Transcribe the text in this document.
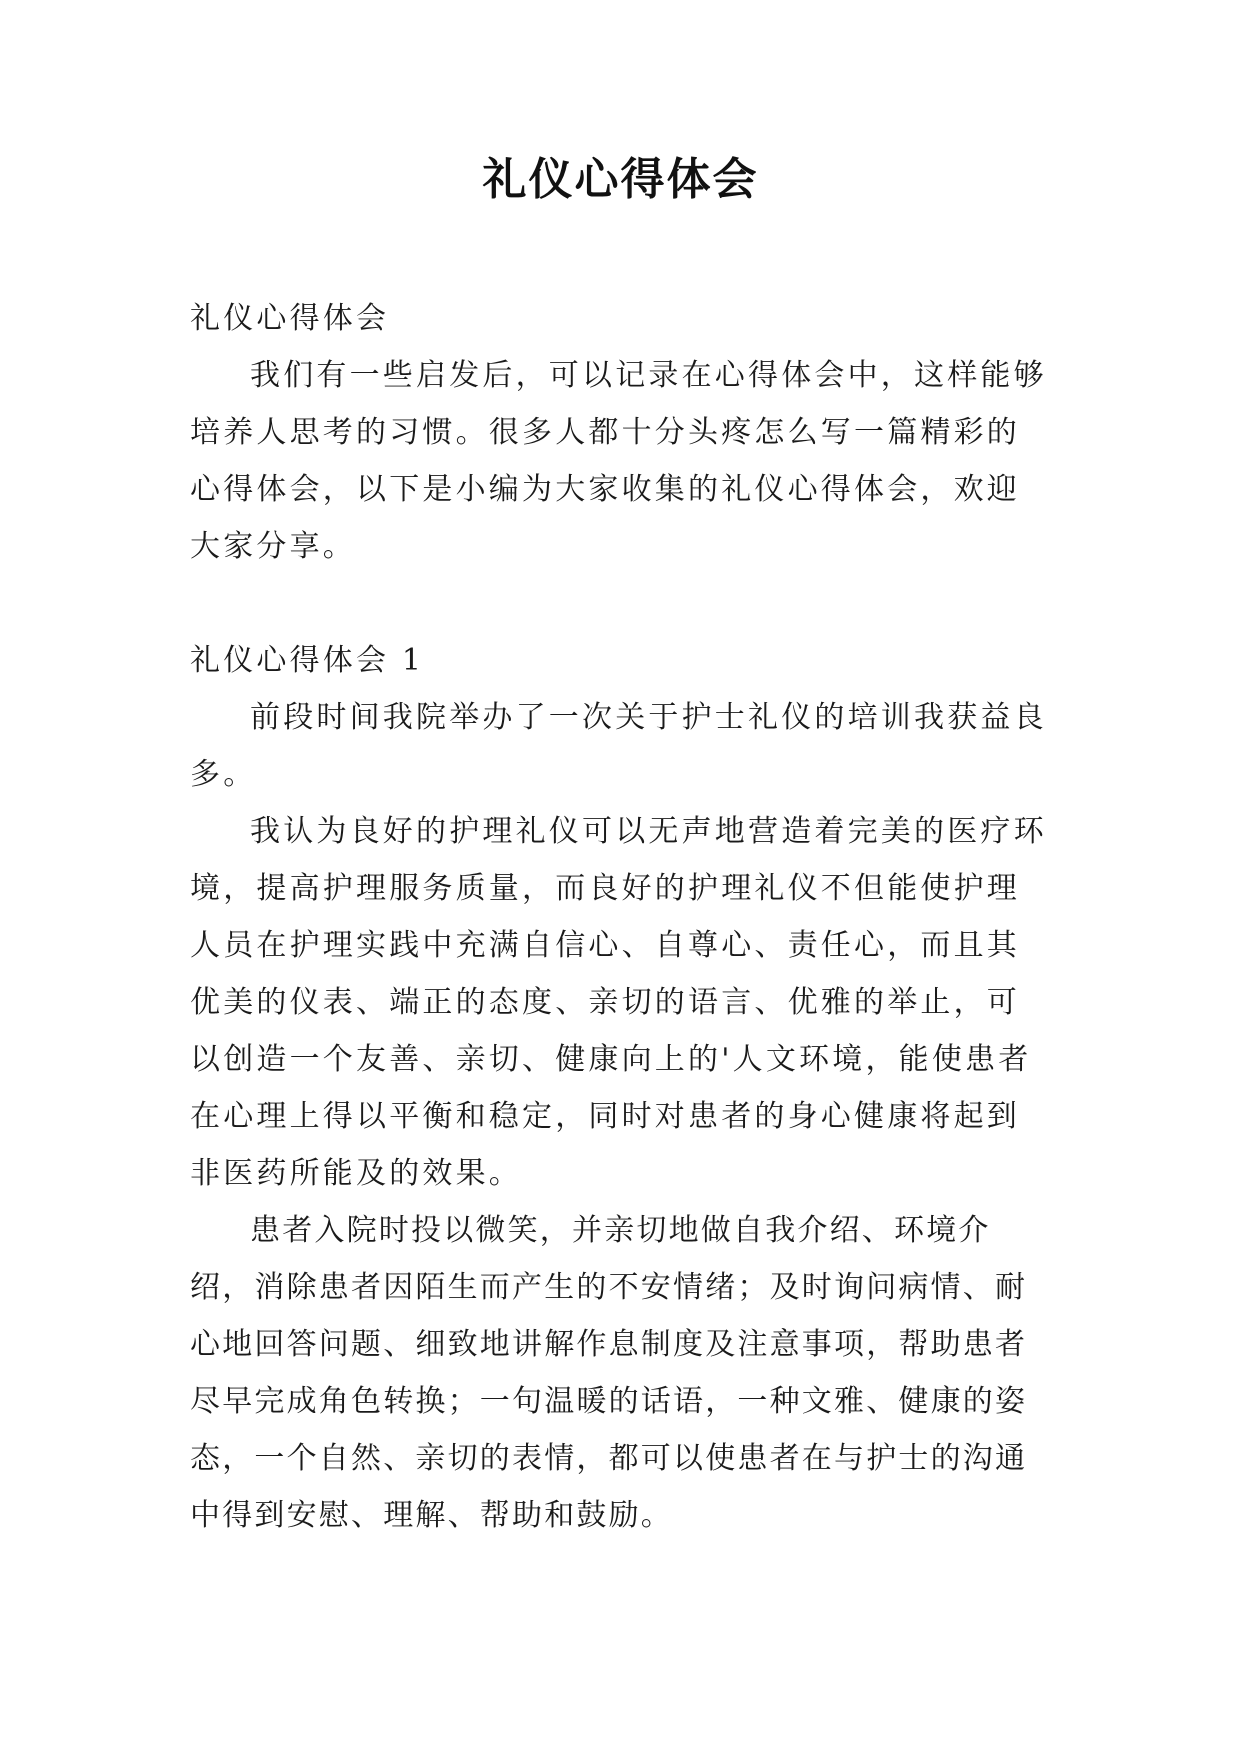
礼仪心得体会

礼仪心得体会

我们有一些启发后，可以记录在心得体会中，这样能够培养人思考的习惯。很多人都十分头疼怎么写一篇精彩的心得体会，以下是小编为大家收集的礼仪心得体会，欢迎大家分享。

礼仪心得体会 1

前段时间我院举办了一次关于护士礼仪的培训我获益良多。

我认为良好的护理礼仪可以无声地营造着完美的医疗环境，提高护理服务质量，而良好的护理礼仪不但能使护理人员在护理实践中充满自信心、自尊心、责任心，而且其优美的仪表、端正的态度、亲切的语言、优雅的举止，可以创造一个友善、亲切、健康向上的'人文环境，能使患者在心理上得以平衡和稳定，同时对患者的身心健康将起到非医药所能及的效果。

患者入院时投以微笑，并亲切地做自我介绍、环境介绍，消除患者因陌生而产生的不安情绪；及时询问病情、耐心地回答问题、细致地讲解作息制度及注意事项，帮助患者尽早完成角色转换；一句温暖的话语，一种文雅、健康的姿态，一个自然、亲切的表情，都可以使患者在与护士的沟通中得到安慰、理解、帮助和鼓励。
